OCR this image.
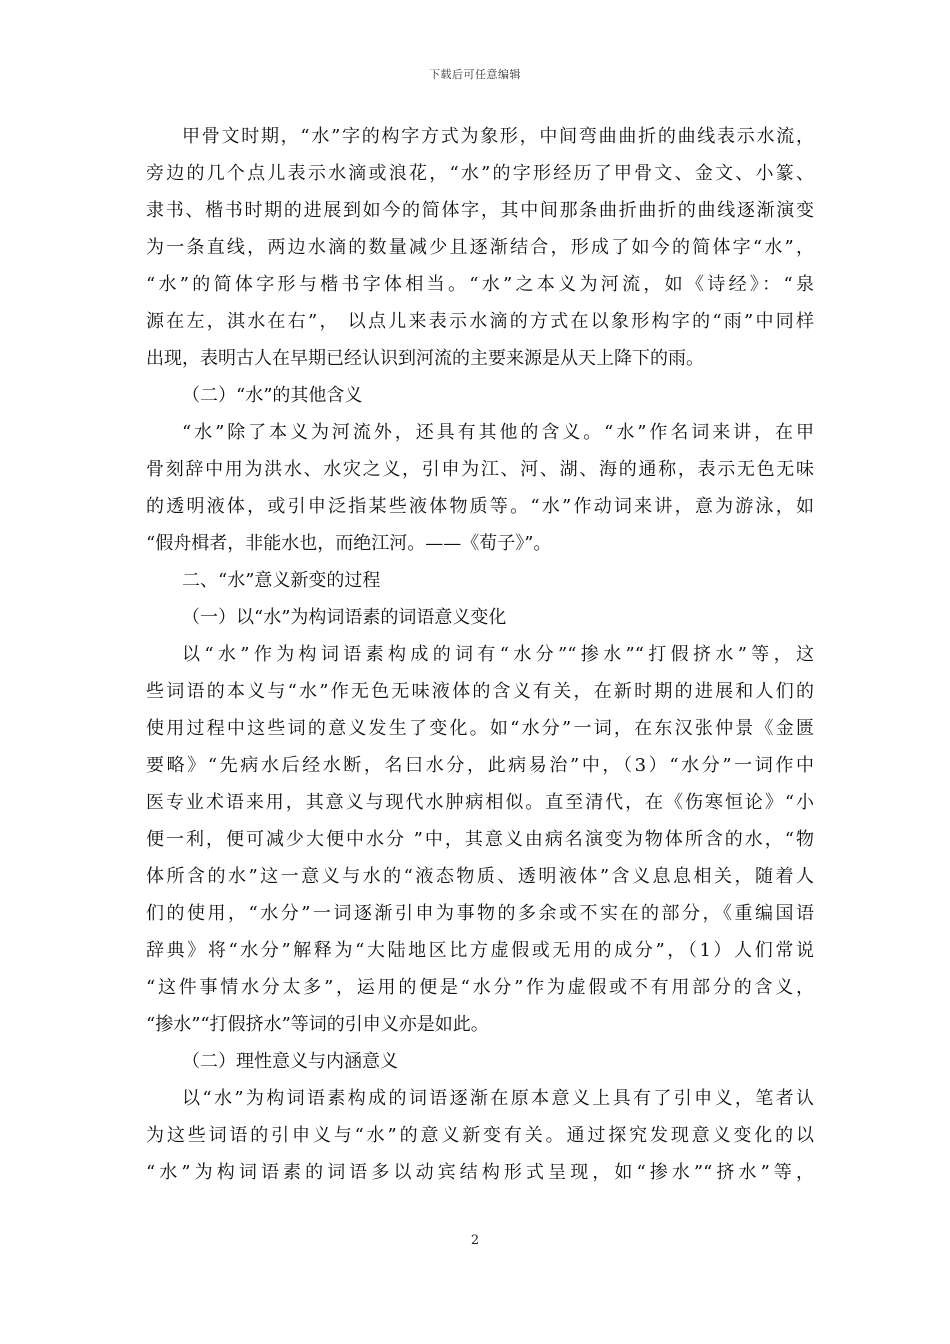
下载后可任意编辑
甲骨文时期，“水”字的构字方式为象形，中间弯曲曲折的曲线表示水流，
旁边的几个点儿表示水滴或浪花，“水”的字形经历了甲骨文、金文、小篆、
隶书、楷书时期的进展到如今的简体字，其中间那条曲折曲折的曲线逐渐演变
为一条直线，两边水滴的数量减少且逐渐结合，形成了如今的简体字“水”，
“水”的简体字形与楷书字体相当。“水”之本义为河流，如《诗经》：“泉
源在左，淇水在右”， 以点儿来表示水滴的方式在以象形构字的“雨”中同样
出现，表明古人在早期已经认识到河流的主要来源是从天上降下的雨。
（二）“水”的其他含义
“水”除了本义为河流外，还具有其他的含义。“水”作名词来讲，在甲
骨刻辞中用为洪水、水灾之义，引申为江、河、湖、海的通称，表示无色无味
的透明液体，或引申泛指某些液体物质等。“水”作动词来讲，意为游泳，如
“假舟楫者，非能水也，而绝江河。——《荀子》”。
二、“水”意义新变的过程
（一）以“水”为构词语素的词语意义变化
以“水”作为构词语素构成的词有“水分”“掺水”“打假挤水”等，这
些词语的本义与“水”作无色无味液体的含义有关，在新时期的进展和人们的
使用过程中这些词的意义发生了变化。如“水分”一词，在东汉张仲景《金匮
要略》“先病水后经水断，名曰水分，此病易治”中，（3）“水分”一词作中
医专业术语来用，其意义与现代水肿病相似。直至清代，在《伤寒恒论》“小
便一利，便可减少大便中水分 ”中，其意义由病名演变为物体所含的水，“物
体所含的水”这一意义与水的“液态物质、透明液体”含义息息相关，随着人
们的使用，“水分”一词逐渐引申为事物的多余或不实在的部分，《重编国语
辞典》将“水分”解释为“大陆地区比方虚假或无用的成分”，（1）人们常说
“这件事情水分太多”，运用的便是“水分”作为虚假或不有用部分的含义，
“掺水”“打假挤水”等词的引申义亦是如此。
（二）理性意义与内涵意义
以“水”为构词语素构成的词语逐渐在原本意义上具有了引申义，笔者认
为这些词语的引申义与“水”的意义新变有关。通过探究发现意义变化的以
“水”为构词语素的词语多以动宾结构形式呈现，如“掺水”“挤水”等，
2
